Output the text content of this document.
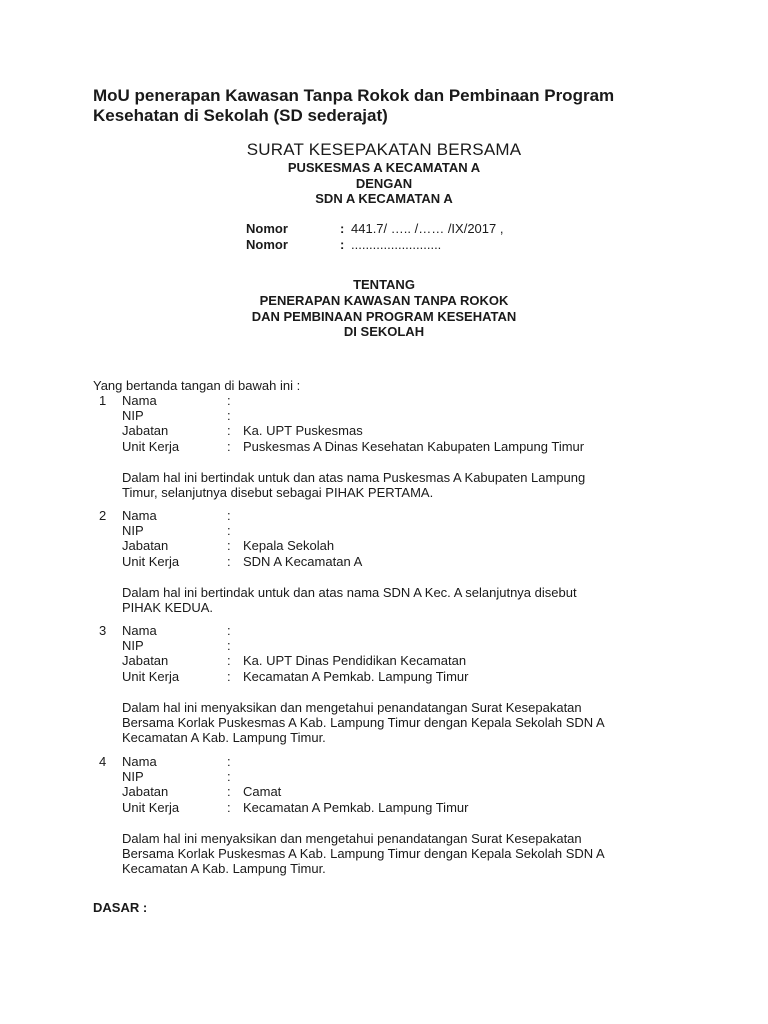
MoU penerapan Kawasan Tanpa Rokok dan Pembinaan Program
Kesehatan di Sekolah (SD sederajat)
SURAT KESEPAKATAN BERSAMA
PUSKESMAS A KECAMATAN A
DENGAN
SDN A KECAMATAN A
Nomor	: 441.7/ ….. /…… /IX/2017 ,
Nomor	: .........................
TENTANG
PENERAPAN KAWASAN TANPA ROKOK
DAN PEMBINAAN PROGRAM KESEHATAN
DI SEKOLAH
Yang bertanda tangan di bawah ini :
1 Nama	:
NIP	:
Jabatan	: Ka. UPT Puskesmas
Unit Kerja	: Puskesmas A Dinas Kesehatan Kabupaten Lampung Timur
Dalam hal ini bertindak untuk dan atas nama Puskesmas A Kabupaten Lampung
Timur, selanjutnya disebut sebagai PIHAK PERTAMA.
2 Nama	:
NIP	:
Jabatan	: Kepala Sekolah
Unit Kerja	: SDN A Kecamatan A
Dalam hal ini bertindak untuk dan atas nama SDN A Kec. A selanjutnya disebut
PIHAK KEDUA.
3 Nama	:
NIP	:
Jabatan	: Ka. UPT Dinas Pendidikan Kecamatan
Unit Kerja	: Kecamatan A Pemkab. Lampung Timur
Dalam hal ini menyaksikan dan mengetahui penandatangan Surat Kesepakatan
Bersama Korlak Puskesmas A Kab. Lampung Timur dengan Kepala Sekolah SDN A
Kecamatan A Kab. Lampung Timur.
4 Nama	:
NIP	:
Jabatan	: Camat
Unit Kerja	: Kecamatan A Pemkab. Lampung Timur
Dalam hal ini menyaksikan dan mengetahui penandatangan Surat Kesepakatan
Bersama Korlak Puskesmas A Kab. Lampung Timur dengan Kepala Sekolah SDN A
Kecamatan A Kab. Lampung Timur.
DASAR :
